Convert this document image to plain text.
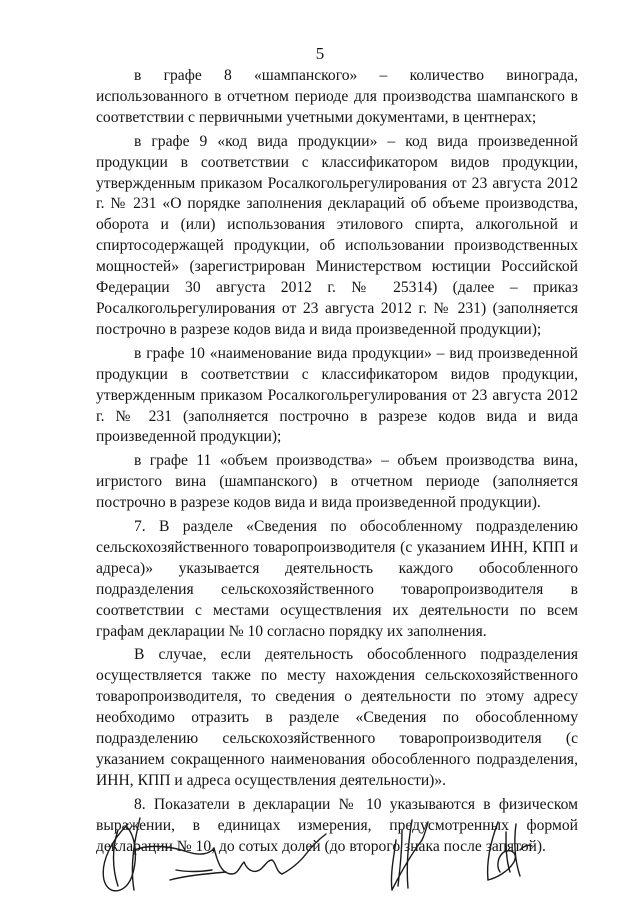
5

в графе 8 «шампанского» – количество винограда, использованного в отчетном периоде для производства шампанского в соответствии с первичными учетными документами, в центнерах;

в графе 9 «код вида продукции» – код вида произведенной продукции в соответствии с классификатором видов продукции, утвержденным приказом Росалкогольрегулирования от 23 августа 2012 г. № 231 «О порядке заполнения деклараций об объеме производства, оборота и (или) использования этилового спирта, алкогольной и спиртосодержащей продукции, об использовании производственных мощностей» (зарегистрирован Министерством юстиции Российской Федерации 30 августа 2012 г. № 25314) (далее – приказ Росалкогольрегулирования от 23 августа 2012 г. № 231) (заполняется построчно в разрезе кодов вида и вида произведенной продукции);

в графе 10 «наименование вида продукции» – вид произведенной продукции в соответствии с классификатором видов продукции, утвержденным приказом Росалкогольрегулирования от 23 августа 2012 г. № 231 (заполняется построчно в разрезе кодов вида и вида произведенной продукции);

в графе 11 «объем производства» – объем производства вина, игристого вина (шампанского) в отчетном периоде (заполняется построчно в разрезе кодов вида и вида произведенной продукции).

7. В разделе «Сведения по обособленному подразделению сельскохозяйственного товаропроизводителя (с указанием ИНН, КПП и адреса)» указывается деятельность каждого обособленного подразделения сельскохозяйственного товаропроизводителя в соответствии с местами осуществления их деятельности по всем графам декларации № 10 согласно порядку их заполнения.

В случае, если деятельность обособленного подразделения осуществляется также по месту нахождения сельскохозяйственного товаропроизводителя, то сведения о деятельности по этому адресу необходимо отразить в разделе «Сведения по обособленному подразделению сельскохозяйственного товаропроизводителя (с указанием сокращенного наименования обособленного подразделения, ИНН, КПП и адреса осуществления деятельности)».

8. Показатели в декларации № 10 указываются в физическом выражении, в единицах измерения, предусмотренных формой декларации № 10, до сотых долей (до второго знака после запятой).
